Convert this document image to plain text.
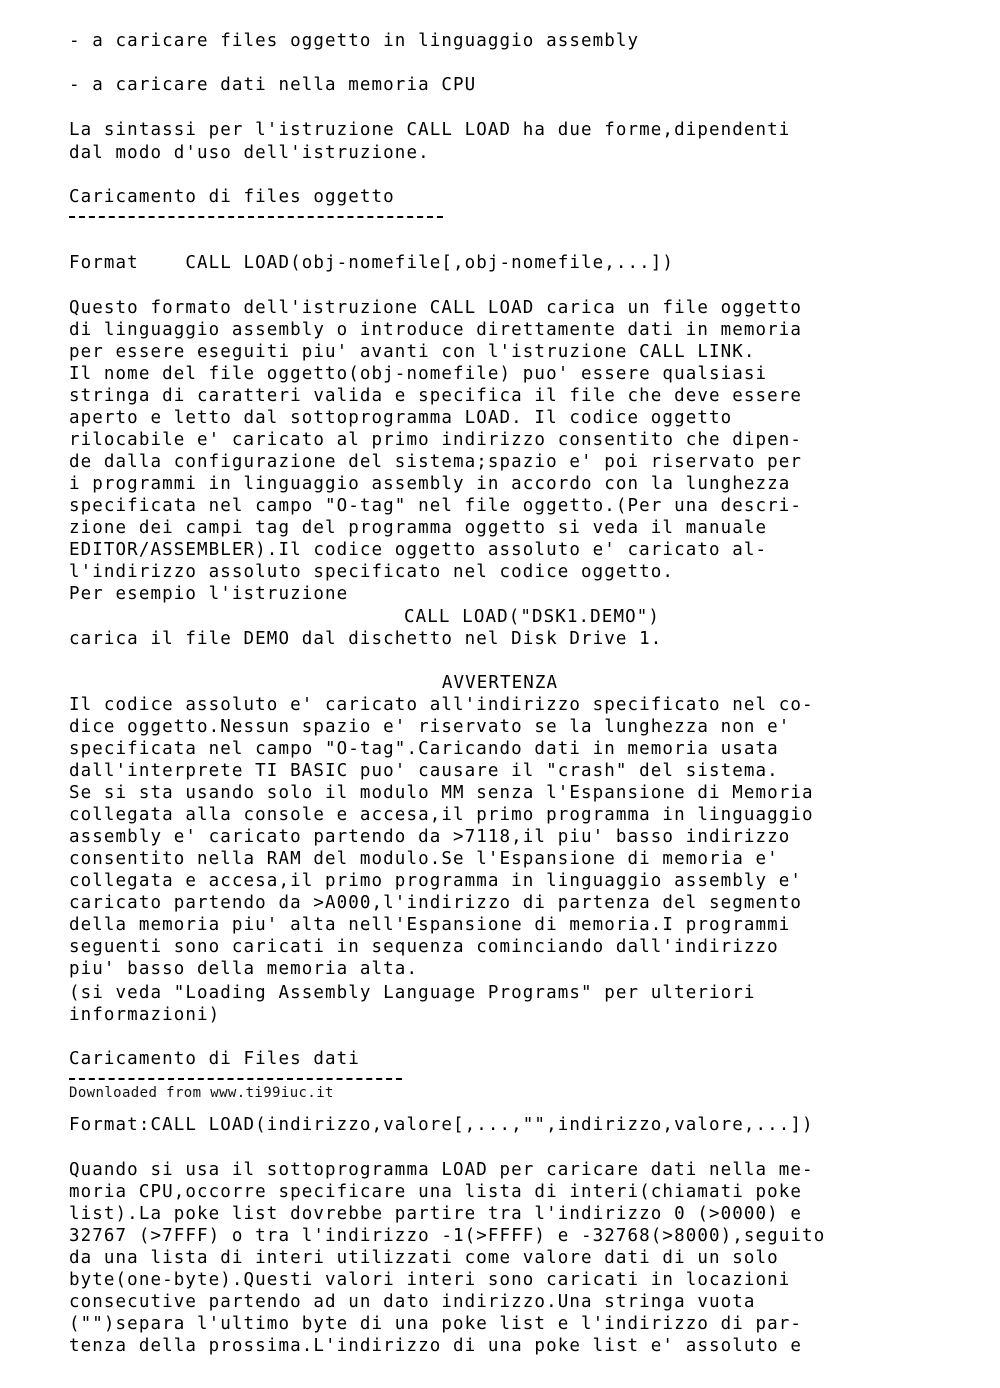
- a caricare files oggetto in linguaggio assembly
- a caricare dati nella memoria CPU
La sintassi per l'istruzione CALL LOAD ha due forme,dipendenti
dal modo d'uso dell'istruzione.
Caricamento di files oggetto
Format    CALL LOAD(obj-nomefile[,obj-nomefile,...])
Questo formato dell'istruzione CALL LOAD carica un file oggetto
di linguaggio assembly o introduce direttamente dati in memoria
per essere eseguiti piu' avanti con l'istruzione CALL LINK.
Il nome del file oggetto(obj-nomefile) puo' essere qualsiasi
stringa di caratteri valida e specifica il file che deve essere
aperto e letto dal sottoprogramma LOAD. Il codice oggetto
rilocabile e' caricato al primo indirizzo consentito che dipen-
de dalla configurazione del sistema;spazio e' poi riservato per
i programmi in linguaggio assembly in accordo con la lunghezza
specificata nel campo "O-tag" nel file oggetto.(Per una descri-
zione dei campi tag del programma oggetto si veda il manuale
EDITOR/ASSEMBLER).Il codice oggetto assoluto e' caricato al-
l'indirizzo assoluto specificato nel codice oggetto.
Per esempio l'istruzione
CALL LOAD("DSK1.DEMO")
carica il file DEMO dal dischetto nel Disk Drive 1.
AVVERTENZA
Il codice assoluto e' caricato all'indirizzo specificato nel co-
dice oggetto.Nessun spazio e' riservato se la lunghezza non e'
specificata nel campo "O-tag".Caricando dati in memoria usata
dall'interprete TI BASIC puo' causare il "crash" del sistema.
Se si sta usando solo il modulo MM senza l'Espansione di Memoria
collegata alla console e accesa,il primo programma in linguaggio
assembly e' caricato partendo da >7118,il piu' basso indirizzo
consentito nella RAM del modulo.Se l'Espansione di memoria e'
collegata e accesa,il primo programma in linguaggio assembly e'
caricato partendo da >A000,l'indirizzo di partenza del segmento
della memoria piu' alta nell'Espansione di memoria.I programmi
seguenti sono caricati in sequenza cominciando dall'indirizzo
piu' basso della memoria alta.
(si veda "Loading Assembly Language Programs" per ulteriori
informazioni)
Caricamento di Files dati
Downloaded from www.ti99iuc.it
Format:CALL LOAD(indirizzo,valore[,...,"",indirizzo,valore,...])
Quando si usa il sottoprogramma LOAD per caricare dati nella me-
moria CPU,occorre specificare una lista di interi(chiamati poke
list).La poke list dovrebbe partire tra l'indirizzo 0 (>0000) e
32767 (>7FFF) o tra l'indirizzo -1(>FFFF) e -32768(>8000),seguito
da una lista di interi utilizzati come valore dati di un solo
byte(one-byte).Questi valori interi sono caricati in locazioni
consecutive partendo ad un dato indirizzo.Una stringa vuota
("")separa l'ultimo byte di una poke list e l'indirizzo di par-
tenza della prossima.L'indirizzo di una poke list e' assoluto e
